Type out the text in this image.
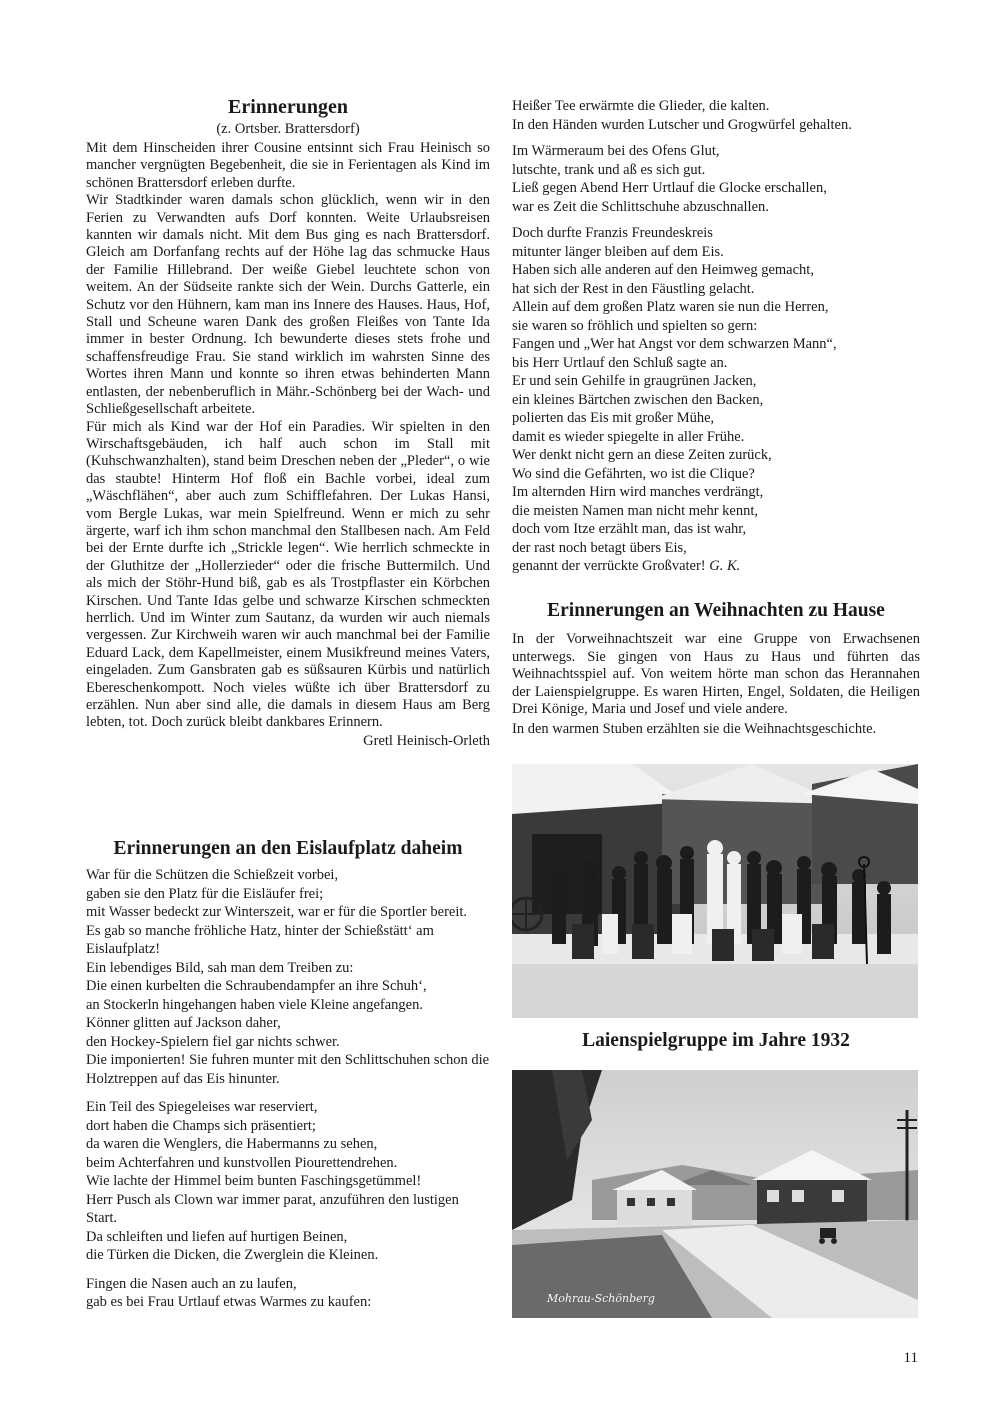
Erinnerungen
(z. Ortsber. Brattersdorf)

Mit dem Hinscheiden ihrer Cousine entsinnt sich Frau Heinisch so mancher vergnügten Begebenheit, die sie in Ferientagen als Kind im schönen Brattersdorf erleben durfte.

Wir Stadtkinder waren damals schon glücklich, wenn wir in den Ferien zu Verwandten aufs Dorf konnten. Weite Urlaubsreisen kannten wir damals nicht. Mit dem Bus ging es nach Brattersdorf. Gleich am Dorfanfang rechts auf der Höhe lag das schmucke Haus der Familie Hillebrand. Der weiße Giebel leuchtete schon von weitem. An der Südseite rankte sich der Wein. Durchs Gatterle, ein Schutz vor den Hühnern, kam man ins Innere des Hauses. Haus, Hof, Stall und Scheune waren Dank des großen Fleißes von Tante Ida immer in bester Ordnung. Ich bewunderte dieses stets frohe und schaffensfreudige Frau. Sie stand wirklich im wahrsten Sinne des Wortes ihren Mann und konnte so ihren etwas behinderten Mann entlasten, der nebenberuflich in Mähr.-Schönberg bei der Wach- und Schließgesellschaft arbeitete.

Für mich als Kind war der Hof ein Paradies. Wir spielten in den Wirschaftsgebäuden, ich half auch schon im Stall mit (Kuhschwanzhalten), stand beim Dreschen neben der „Pleder“, o wie das staubte! Hinterm Hof floß ein Bachle vorbei, ideal zum „Wäschflähen“, aber auch zum Schifflefahren. Der Lukas Hansi, vom Bergle Lukas, war mein Spielfreund. Wenn er mich zu sehr ärgerte, warf ich ihm schon manchmal den Stallbesen nach. Am Feld bei der Ernte durfte ich „Strickle legen“. Wie herrlich schmeckte in der Gluthitze der „Hollerzieder“ oder die frische Buttermilch. Und als mich der Stöhr-Hund biß, gab es als Trostpflaster ein Körbchen Kirschen. Und Tante Idas gelbe und schwarze Kirschen schmeckten herrlich. Und im Winter zum Sautanz, da wurden wir auch niemals vergessen. Zur Kirchweih waren wir auch manchmal bei der Familie Eduard Lack, dem Kapellmeister, einem Musikfreund meines Vaters, eingeladen. Zum Gansbraten gab es süßsauren Kürbis und natürlich Ebereschenkompott. Noch vieles wüßte ich über Brattersdorf zu erzählen. Nun aber sind alle, die damals in diesem Haus am Berg lebten, tot. Doch zurück bleibt dankbares Erinnern.

Gretl Heinisch-Orleth
Erinnerungen an den Eislaufplatz daheim
War für die Schützen die Schießzeit vorbei,
gaben sie den Platz für die Eisläufer frei;
mit Wasser bedeckt zur Winterszeit, war er für die Sportler bereit.
Es gab so manche fröhliche Hatz, hinter der Schießstätt‘ am Eislaufplatz!
Ein lebendiges Bild, sah man dem Treiben zu:
Die einen kurbelten die Schraubendampfer an ihre Schuh‘,
an Stockerln hingehangen haben viele Kleine angefangen.
Könner glitten auf Jackson daher,
den Hockey-Spielern fiel gar nichts schwer.
Die imponierten! Sie fuhren munter mit den Schlittschuhen schon die Holztreppen auf das Eis hinunter.
Ein Teil des Spiegeleises war reserviert,
dort haben die Champs sich präsentiert;
da waren die Wenglers, die Habermanns zu sehen,
beim Achterfahren und kunstvollen Piourettendrehen.
Wie lachte der Himmel beim bunten Faschingsgetümmel!
Herr Pusch als Clown war immer parat, anzuführen den lustigen Start.
Da schleiften und liefen auf hurtigen Beinen,
die Türken die Dicken, die Zwerglein die Kleinen.
Fingen die Nasen auch an zu laufen,
gab es bei Frau Urtlauf etwas Warmes zu kaufen:
Heißer Tee erwärmte die Glieder, die kalten.
In den Händen wurden Lutscher und Grogwürfel gehalten.
Im Wärmeraum bei des Ofens Glut,
lutschte, trank und aß es sich gut.
Ließ gegen Abend Herr Urtlauf die Glocke erschallen,
war es Zeit die Schlittschuhe abzuschnallen.
Doch durfte Franzis Freundeskreis
mitunter länger bleiben auf dem Eis.
Haben sich alle anderen auf den Heimweg gemacht,
hat sich der Rest in den Fäustling gelacht.
Allein auf dem großen Platz waren sie nun die Herren,
sie waren so fröhlich und spielten so gern:
Fangen und „Wer hat Angst vor dem schwarzen Mann“,
bis Herr Urtlauf den Schluß sagte an.
Er und sein Gehilfe in graugrünen Jacken,
ein kleines Bärtchen zwischen den Backen,
polierten das Eis mit großer Mühe,
damit es wieder spiegelte in aller Frühe.
Wer denkt nicht gern an diese Zeiten zurück,
Wo sind die Gefährten, wo ist die Clique?
Im alternden Hirn wird manches verdrängt,
die meisten Namen man nicht mehr kennt,
doch vom Itze erzählt man, das ist wahr,
der rast noch betagt übers Eis,
genannt der verrückte Großvater! G. K.
Erinnerungen an Weihnachten zu Hause

In der Vorweihnachtszeit war eine Gruppe von Erwachsenen unterwegs. Sie gingen von Haus zu Haus und führten das Weihnachtsspiel auf. Von weitem hörte man schon das Herannahen der Laienspielgruppe. Es waren Hirten, Engel, Soldaten, die Heiligen Drei Könige, Maria und Josef und viele andere.

In den warmen Stuben erzählten sie die Weihnachtsgeschichte.

Laienspielgruppe im Jahre 1932
Mohrau-Schönberg
11
